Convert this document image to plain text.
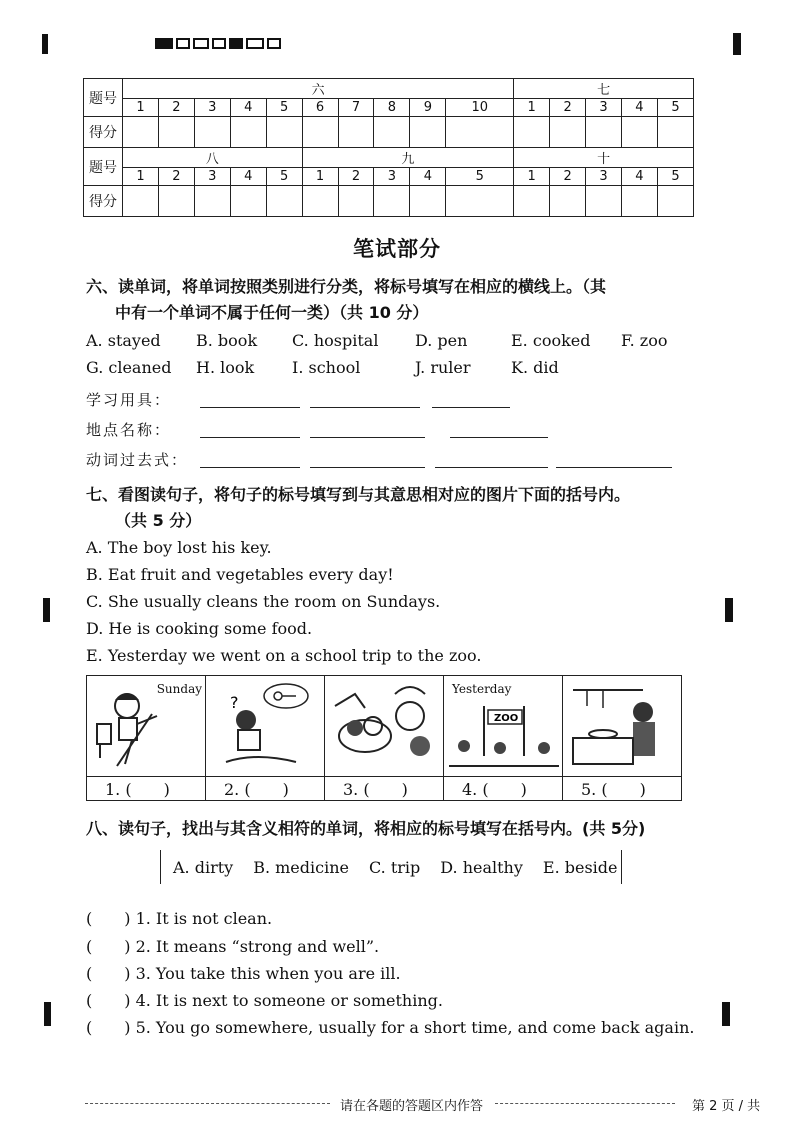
题号	六										七				
	1	2	3	4	5	6	7	8	9	10	1	2	3	4	5
得分															
题号	八					九					十				
	1	2	3	4	5	1	2	3	4	5	1	2	3	4	5
得分															
笔试部分
六、读单词，将单词按照类别进行分类，将标号填写在相应的横线上。（其
中有一个单词不属于任何一类）（共 10 分）
A. stayed B. book C. hospital D. pen	E. cooked F. zoo
G. cleaned H. look I. school	J. ruler	K. did
学习用具：
地点名称：
动词过去式：
七、看图读句子，将句子的标号填写到与其意思相对应的图片下面的括号内。
（共 5 分）
A. The boy lost his key.
B. Eat fruit and vegetables every day!
C. She usually cleans the room on Sundays.
D. He is cooking some food.
E. Yesterday we went on a school trip to the zoo.
Sunday
1. (　　)
?
2. (　　)	3. (　　)
Yesterday
ZOO
4. (　　)	5. (　　)
八、读句子，找出与其含义相符的单词，将相应的标号填写在括号内。(共 5分)
A. dirty B. medicine C. trip D. healthy E. beside
(　　) 1. It is not clean.
(　　) 2. It means “strong and well”.
(　　) 3. You take this when you are ill.
(　　) 4. It is next to someone or something.
(　　) 5. You go somewhere, usually for a short time, and come back again.
请在各题的答题区内作答	第 2 页 / 共
